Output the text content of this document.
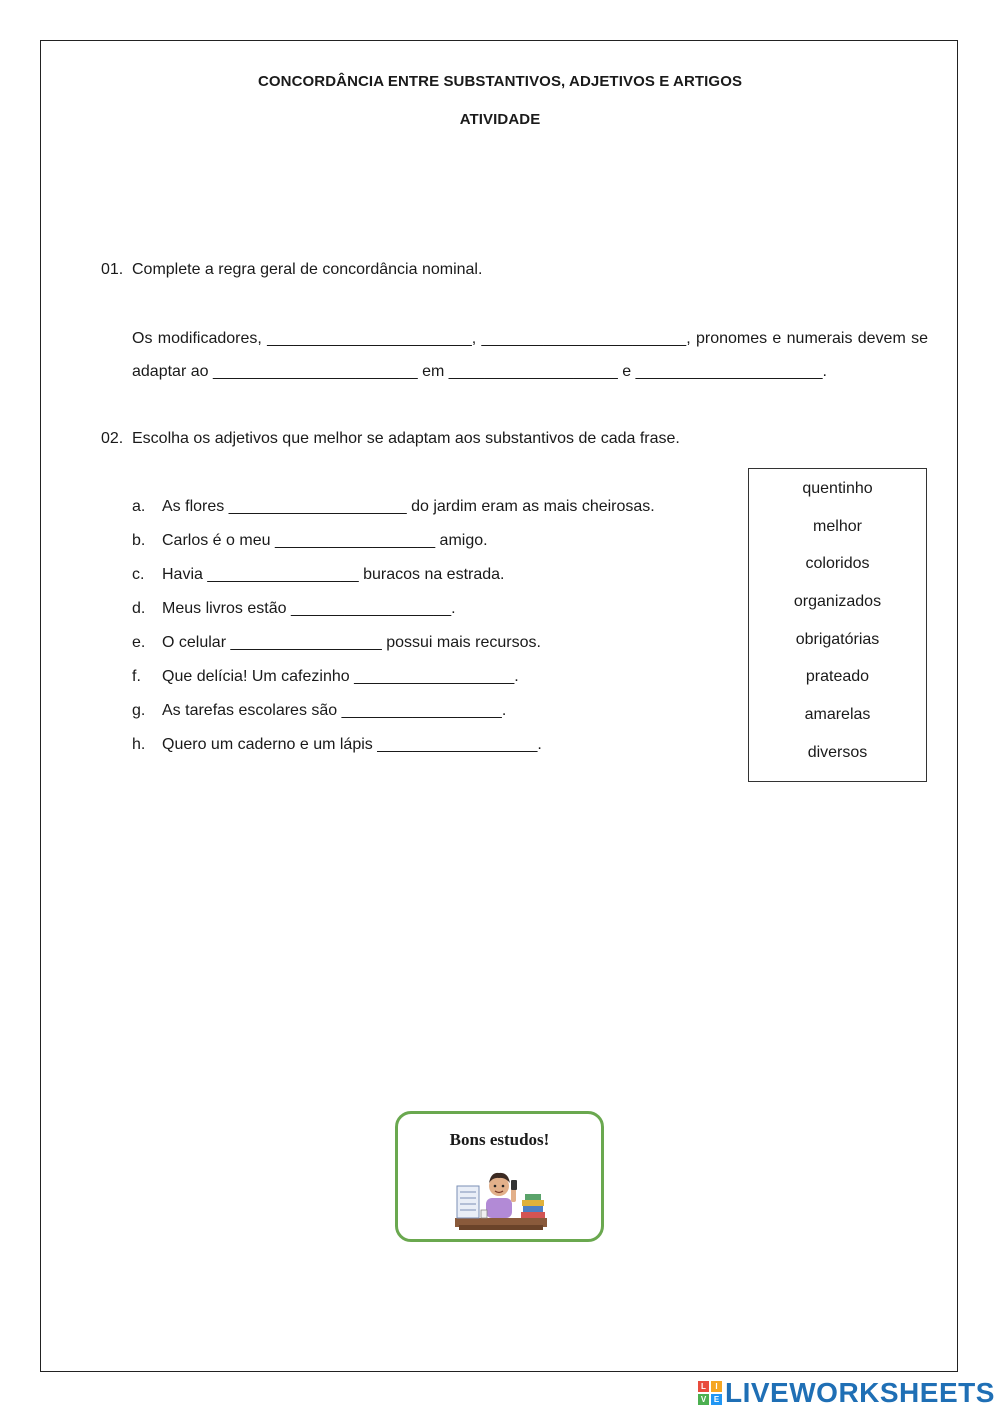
CONCORDÂNCIA ENTRE SUBSTANTIVOS, ADJETIVOS E ARTIGOS
ATIVIDADE
01. Complete a regra geral de concordância nominal.
Os modificadores, _______________________, _______________________, pronomes e numerais devem se adaptar ao _______________________ em ___________________ e _____________________.
02. Escolha os adjetivos que melhor se adaptam aos substantivos de cada frase.
a. As flores ____________________ do jardim eram as mais cheirosas.
b. Carlos é o meu __________________ amigo.
c. Havia _________________ buracos na estrada.
d. Meus livros estão __________________.
e. O celular _________________ possui mais recursos.
f. Que delícia! Um cafezinho __________________.
g. As tarefas escolares são __________________.
h. Quero um caderno e um lápis __________________.
quentinho
melhor
coloridos
organizados
obrigatórias
prateado
amarelas
diversos
Bons estudos!
L	I
V E LIVEWORKSHEETS
